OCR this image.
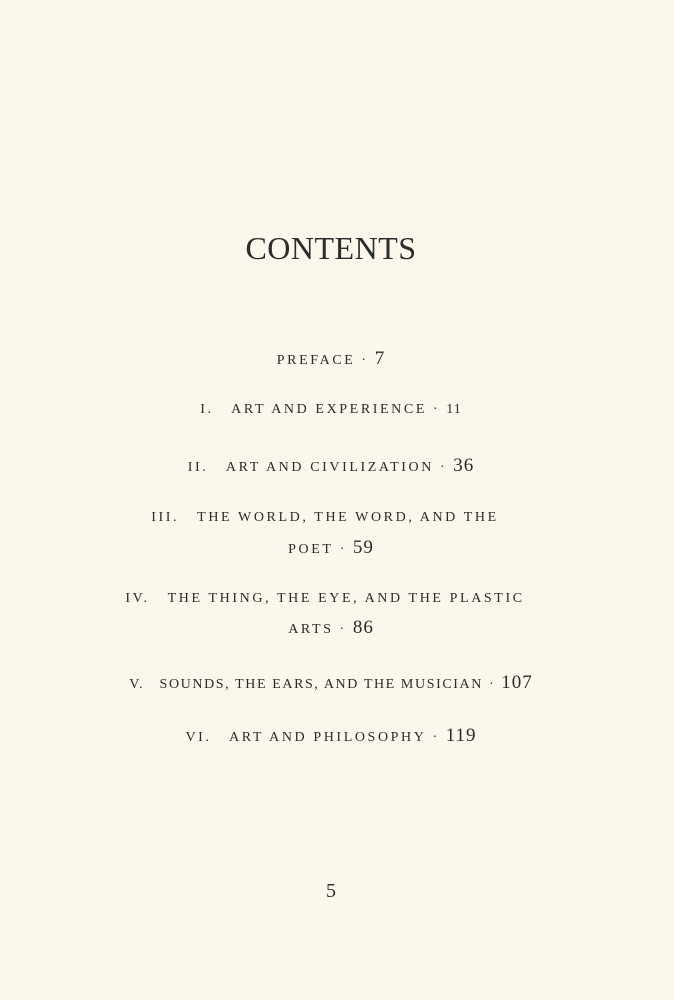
CONTENTS
PREFACE · 7
I.   ART AND EXPERIENCE · 11
II.   ART AND CIVILIZATION · 36
III.   THE WORLD, THE WORD, AND THE
POET · 59
IV.   THE THING, THE EYE, AND THE PLASTIC
ARTS · 86
V.   SOUNDS, THE EARS, AND THE MUSICIAN · 107
VI.   ART AND PHILOSOPHY · 119
5
